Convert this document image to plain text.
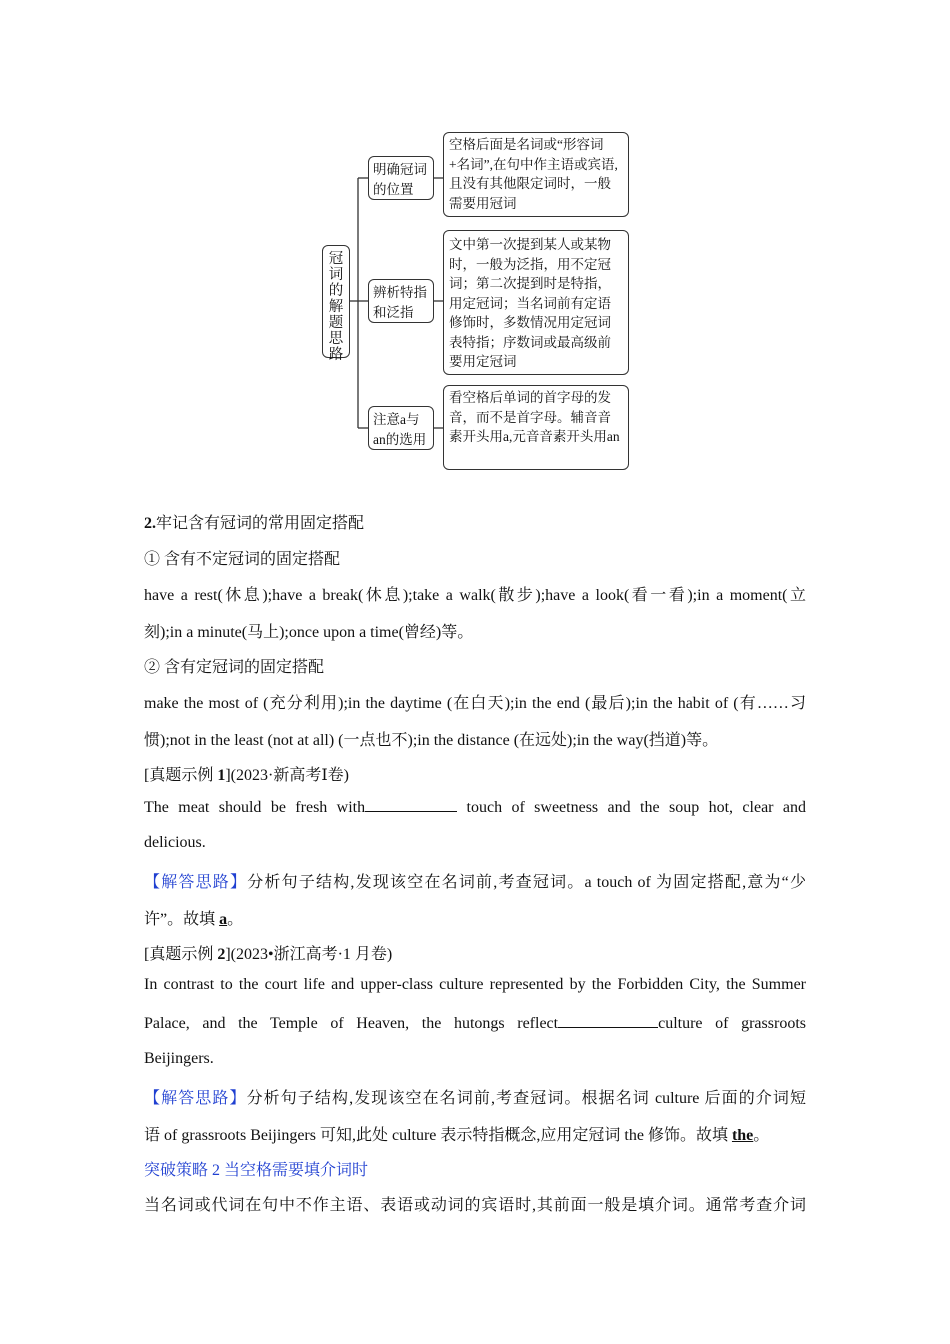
冠词的解题思路
明确冠词的位置
空格后面是名词或“形容词+名词”,在句中作主语或宾语,且没有其他限定词时，一般需要用冠词
辨析特指和泛指
文中第一次提到某人或某物时，一般为泛指，用不定冠词；第二次提到时是特指，用定冠词；当名词前有定语修饰时，多数情况用定冠词表特指；序数词或最高级前要用定冠词
注意a与an的选用
看空格后单词的首字母的发音，而不是首字母。辅音音素开头用a,元音音素开头用an
2.牢记含有冠词的常用固定搭配
① 含有不定冠词的固定搭配
have a rest(休息);have a break(休息);take a walk(散步);have a look(看一看);in a moment(立
刻);in a minute(马上);once upon a time(曾经)等。
② 含有定冠词的固定搭配
make the most of (充分利用);in the daytime (在白天);in the end (最后);in the habit of (有……习
惯);not in the least (not at all) (一点也不);in the distance (在远处);in the way(挡道)等。
[真题示例 1](2023·新高考Ⅰ卷)
The meat should be fresh with	touch of sweetness and the soup hot, clear and
delicious.
【解答思路】分析句子结构,发现该空在名词前,考查冠词。a touch of 为固定搭配,意为“少
许”。故填 a。
[真题示例 2](2023•浙江高考·1 月卷)
In contrast to the court life and upper-class culture represented by the Forbidden City, the Summer
Palace, and the Temple of Heaven, the hutongs reflect	culture of grassroots
Beijingers.
【解答思路】分析句子结构,发现该空在名词前,考查冠词。根据名词 culture 后面的介词短
语 of grassroots Beijingers 可知,此处 culture 表示特指概念,应用定冠词 the 修饰。故填 the。
突破策略 2 当空格需要填介词时
当名词或代词在句中不作主语、表语或动词的宾语时,其前面一般是填介词。通常考查介词
